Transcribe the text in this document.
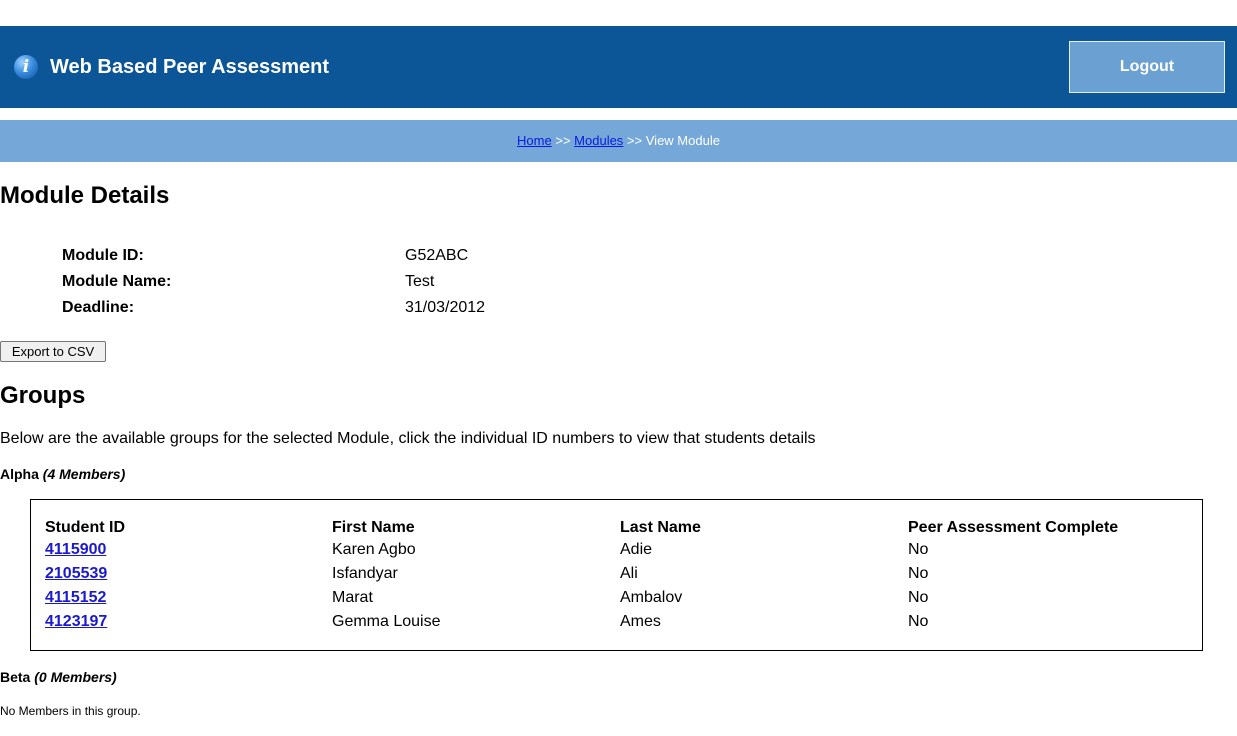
i	Web Based Peer Assessment	Logout
Home >> Modules >> View Module
Module Details
Module ID:	G52ABC
Module Name:	Test
Deadline:	31/03/2012
Export to CSV
Groups
Below are the available groups for the selected Module, click the individual ID numbers to view that students details
Alpha (4 Members)
Student ID	First Name	Last Name	Peer Assessment Complete
4115900	Karen Agbo	Adie	No
2105539	Isfandyar	Ali	No
4115152	Marat	Ambalov	No
4123197	Gemma Louise	Ames	No
Beta (0 Members)
No Members in this group.
